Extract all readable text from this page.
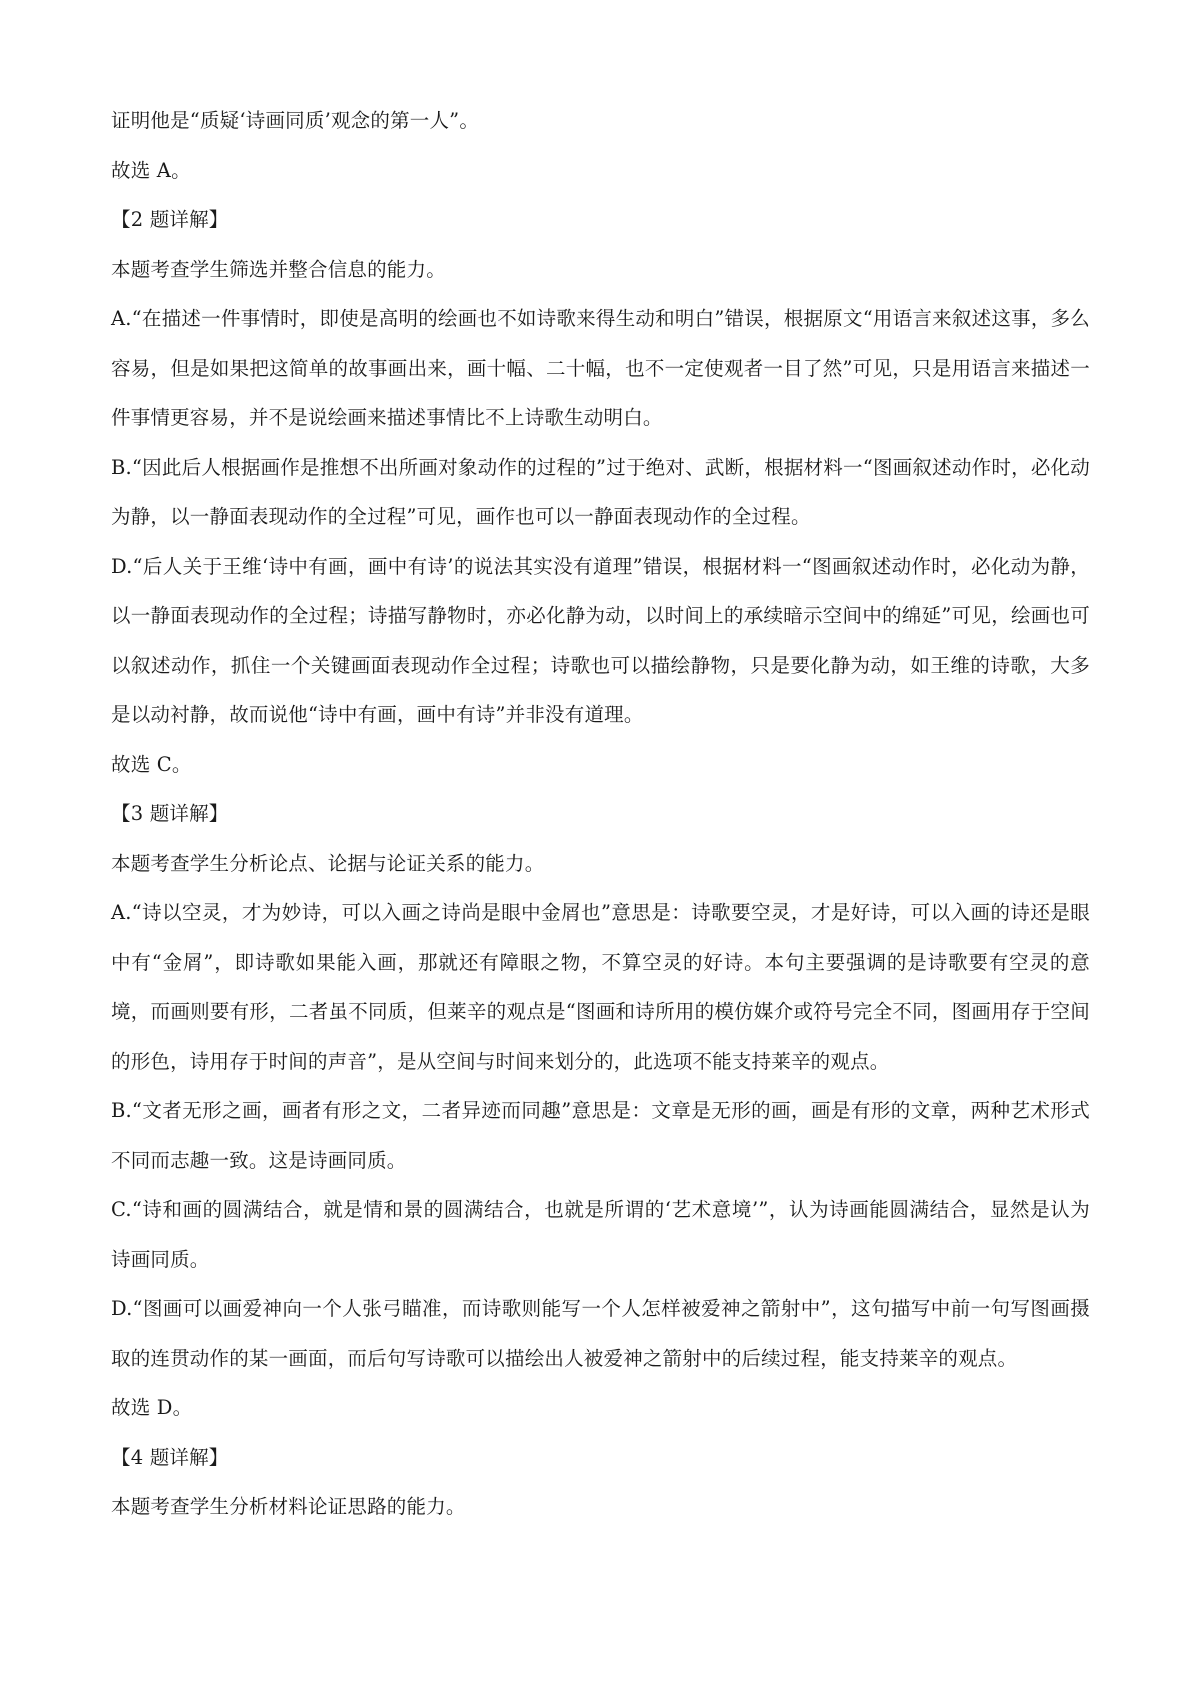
证明他是“质疑‘诗画同质’观念的第一人”。

故选 A。

【2 题详解】

本题考查学生筛选并整合信息的能力。

A.“在描述一件事情时，即使是高明的绘画也不如诗歌来得生动和明白”错误，根据原文“用语言来叙述这事，多么容易，但是如果把这简单的故事画出来，画十幅、二十幅，也不一定使观者一目了然”可见，只是用语言来描述一件事情更容易，并不是说绘画来描述事情比不上诗歌生动明白。

B.“因此后人根据画作是推想不出所画对象动作的过程的”过于绝对、武断，根据材料一“图画叙述动作时，必化动为静，以一静面表现动作的全过程”可见，画作也可以一静面表现动作的全过程。

D.“后人关于王维‘诗中有画，画中有诗’的说法其实没有道理”错误，根据材料一“图画叙述动作时，必化动为静，以一静面表现动作的全过程；诗描写静物时，亦必化静为动，以时间上的承续暗示空间中的绵延”可见，绘画也可以叙述动作，抓住一个关键画面表现动作全过程；诗歌也可以描绘静物，只是要化静为动，如王维的诗歌，大多是以动衬静，故而说他“诗中有画，画中有诗”并非没有道理。

故选 C。

【3 题详解】

本题考查学生分析论点、论据与论证关系的能力。

A.“诗以空灵，才为妙诗，可以入画之诗尚是眼中金屑也”意思是：诗歌要空灵，才是好诗，可以入画的诗还是眼中有“金屑”，即诗歌如果能入画，那就还有障眼之物，不算空灵的好诗。本句主要强调的是诗歌要有空灵的意境，而画则要有形，二者虽不同质，但莱辛的观点是“图画和诗所用的模仿媒介或符号完全不同，图画用存于空间的形色，诗用存于时间的声音”，是从空间与时间来划分的，此选项不能支持莱辛的观点。

B.“文者无形之画，画者有形之文，二者异迹而同趣”意思是：文章是无形的画，画是有形的文章，两种艺术形式不同而志趣一致。这是诗画同质。

C.“诗和画的圆满结合，就是情和景的圆满结合，也就是所谓的‘艺术意境’”，认为诗画能圆满结合，显然是认为诗画同质。

D.“图画可以画爱神向一个人张弓瞄准，而诗歌则能写一个人怎样被爱神之箭射中”，这句描写中前一句写图画摄取的连贯动作的某一画面，而后句写诗歌可以描绘出人被爱神之箭射中的后续过程，能支持莱辛的观点。

故选 D。

【4 题详解】

本题考查学生分析材料论证思路的能力。
